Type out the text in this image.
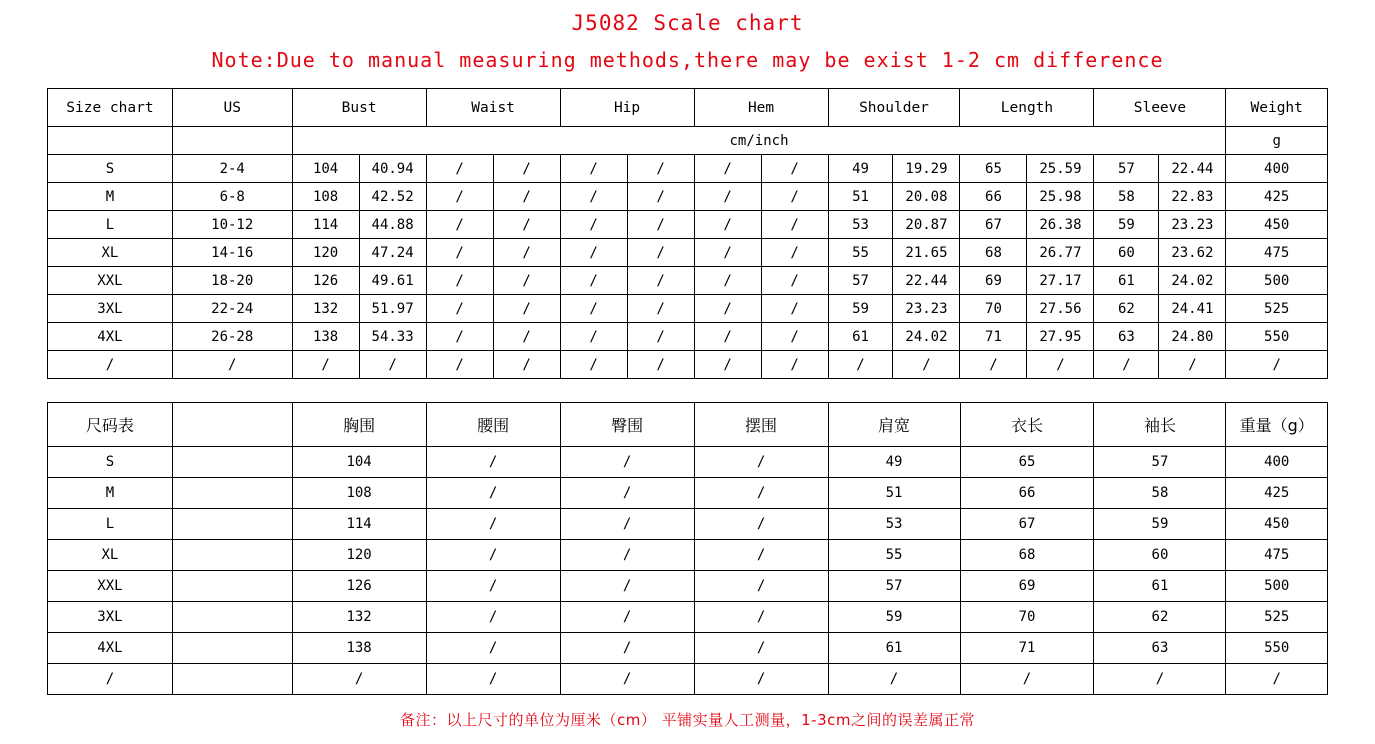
J5082 Scale chart
Note:Due to manual measuring methods,there may be exist 1-2 cm difference
Size chart	US	Bust		Waist		Hip		Hem		Shoulder		Length		Sleeve		Weight
		cm/inch														g
S	2-4	104	40.94	/	/	/	/	/	/	49	19.29	65	25.59	57	22.44	400
M	6-8	108	42.52	/	/	/	/	/	/	51	20.08	66	25.98	58	22.83	425
L	10-12	114	44.88	/	/	/	/	/	/	53	20.87	67	26.38	59	23.23	450
XL	14-16	120	47.24	/	/	/	/	/	/	55	21.65	68	26.77	60	23.62	475
XXL	18-20	126	49.61	/	/	/	/	/	/	57	22.44	69	27.17	61	24.02	500
3XL	22-24	132	51.97	/	/	/	/	/	/	59	23.23	70	27.56	62	24.41	525
4XL	26-28	138	54.33	/	/	/	/	/	/	61	24.02	71	27.95	63	24.80	550
/	/	/	/	/	/	/	/	/	/	/	/	/	/	/	/	/
尺码表		胸围	腰围	臀围	摆围	肩宽	衣长	袖长	重量（g）
S		104	/	/	/	49	65	57	400
M		108	/	/	/	51	66	58	425
L		114	/	/	/	53	67	59	450
XL		120	/	/	/	55	68	60	475
XXL		126	/	/	/	57	69	61	500
3XL		132	/	/	/	59	70	62	525
4XL		138	/	/	/	61	71	63	550
/		/	/	/	/	/	/	/	/
备注：以上尺寸的单位为厘米（cm） 平铺实量人工测量，1-3cm之间的误差属正常
